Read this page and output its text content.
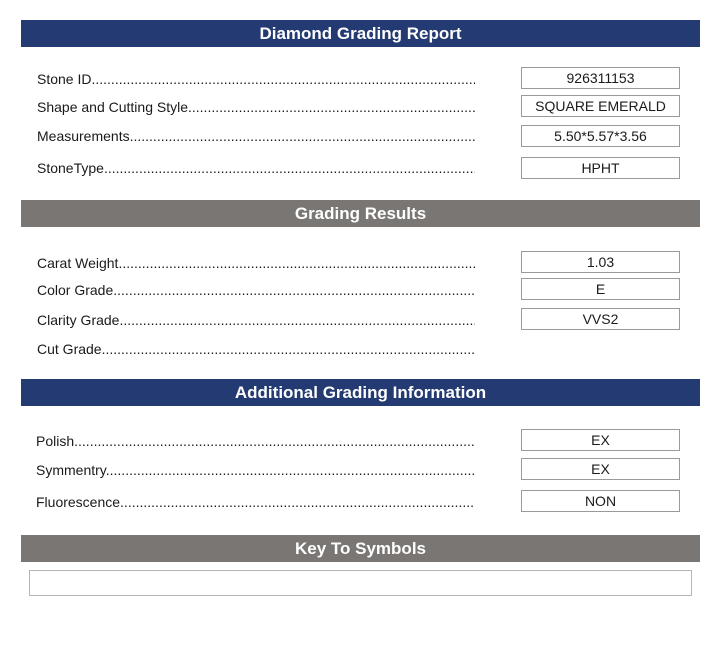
Diamond Grading Report
Stone ID .....	926311153
Shape and Cutting Style .....	SQUARE EMERALD
Measurements .....	5.50*5.57*3.56
StoneType .....	HPHT
Grading Results
Carat Weight .....	1.03
Color Grade .....	E
Clarity Grade .....	VVS2
Cut Grade .....
Additional Grading Information
Polish .....	EX
Symmentry .....	EX
Fluorescence .....	NON
Key To Symbols
